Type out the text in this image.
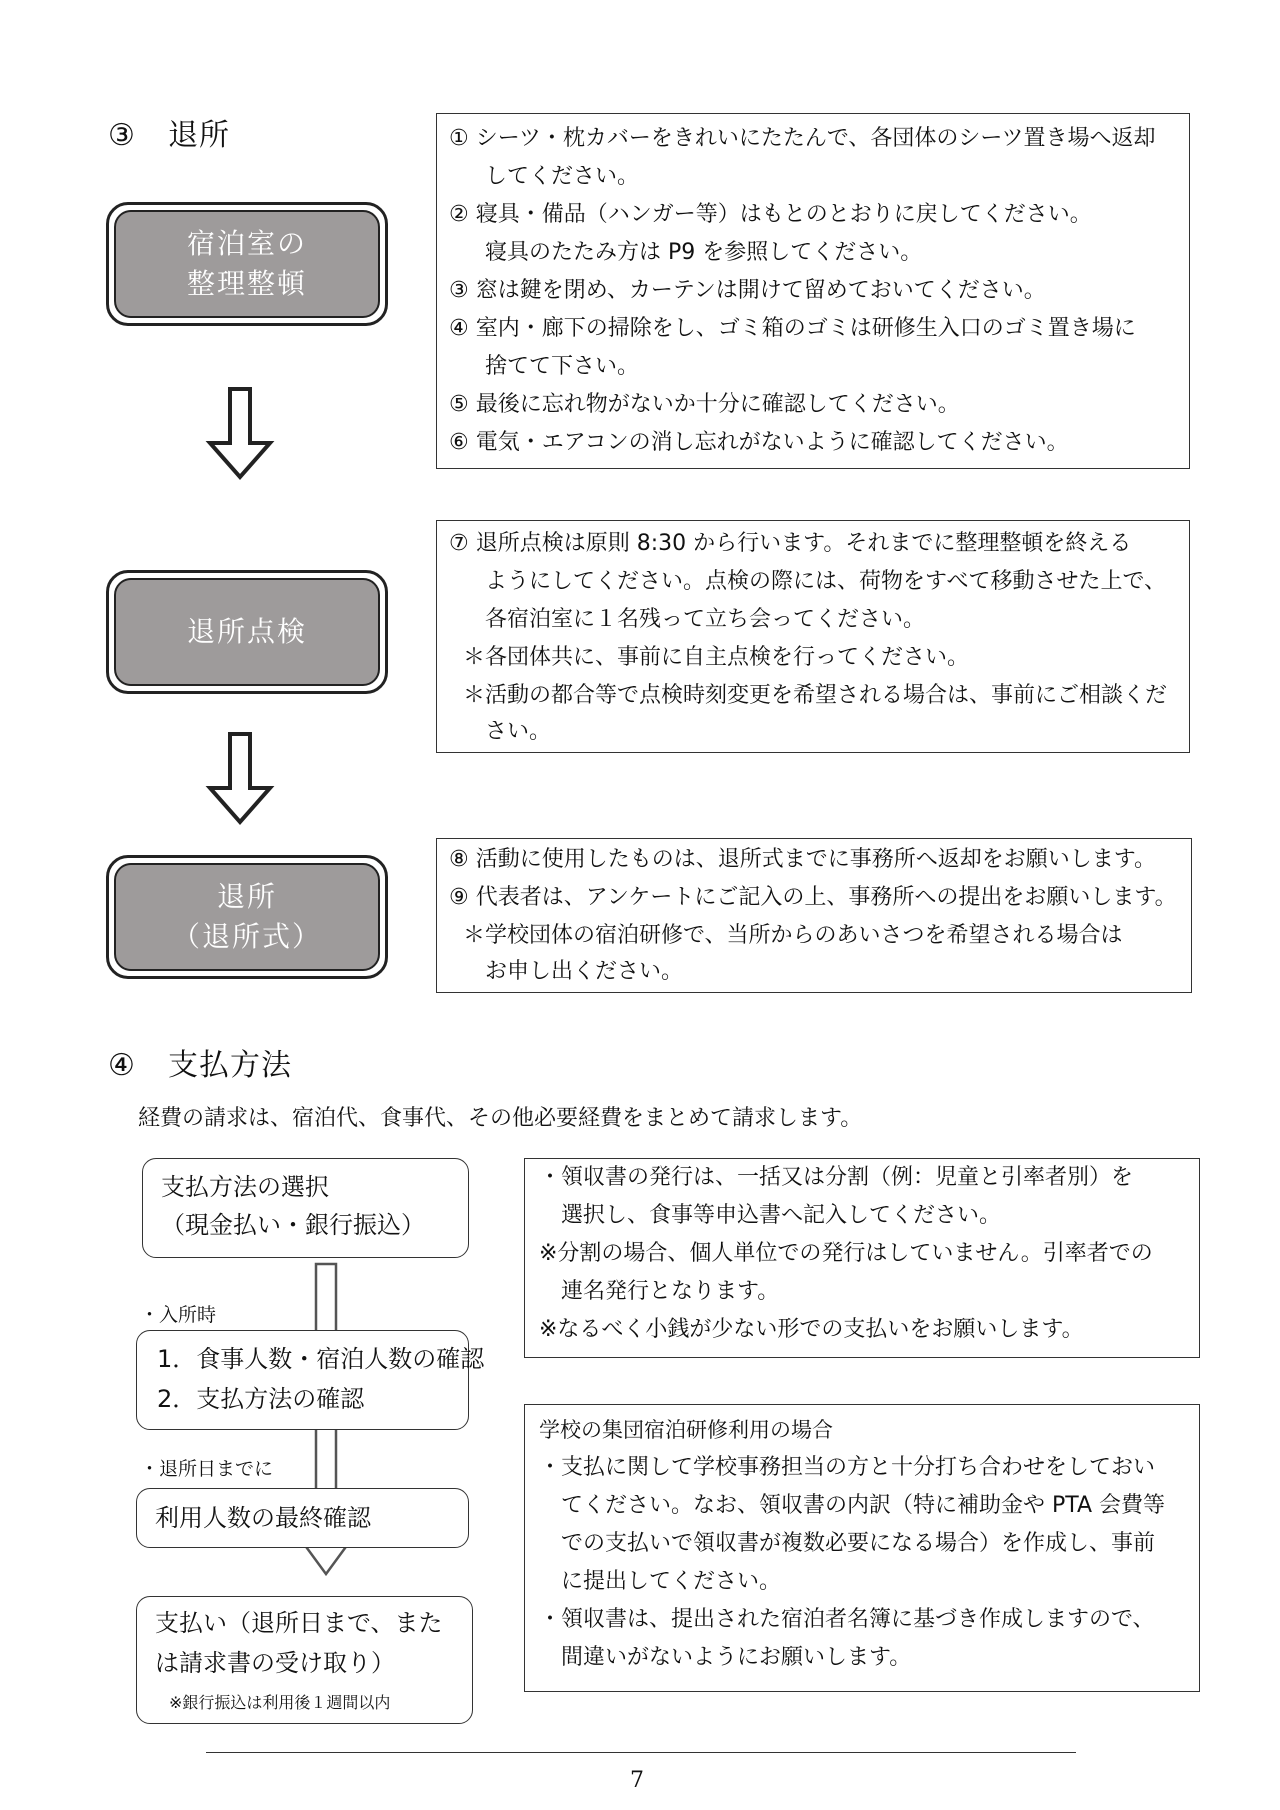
③ 退所
宿泊室の
整理整頓
退所点検
退所
（退所式）
① シーツ・枕カバーをきれいにたたんで、各団体のシーツ置き場へ返却
してください。
② 寝具・備品（ハンガー等）はもとのとおりに戻してください。
寝具のたたみ方は P9 を参照してください。
③ 窓は鍵を閉め、カーテンは開けて留めておいてください。
④ 室内・廊下の掃除をし、ゴミ箱のゴミは研修生入口のゴミ置き場に
捨てて下さい。
⑤ 最後に忘れ物がないか十分に確認してください。
⑥ 電気・エアコンの消し忘れがないように確認してください。
⑦ 退所点検は原則 8:30 から行います。それまでに整理整頓を終える
ようにしてください。点検の際には、荷物をすべて移動させた上で、
各宿泊室に１名残って立ち会ってください。
＊各団体共に、事前に自主点検を行ってください。
＊活動の都合等で点検時刻変更を希望される場合は、事前にご相談くだ
さい。
⑧ 活動に使用したものは、退所式までに事務所へ返却をお願いします。
⑨ 代表者は、アンケートにご記入の上、事務所への提出をお願いします。
＊学校団体の宿泊研修で、当所からのあいさつを希望される場合は
お申し出ください。
④ 支払方法
経費の請求は、宿泊代、食事代、その他必要経費をまとめて請求します。
支払方法の選択
（現金払い・銀行振込）
・入所時
1．食事人数・宿泊人数の確認
2．支払方法の確認
・退所日までに
利用人数の最終確認
支払い（退所日まで、また
は請求書の受け取り）
※銀行振込は利用後１週間以内
・領収書の発行は、一括又は分割（例：児童と引率者別）を
選択し、食事等申込書へ記入してください。
※分割の場合、個人単位での発行はしていません。引率者での
連名発行となります。
※なるべく小銭が少ない形での支払いをお願いします。
学校の集団宿泊研修利用の場合
・支払に関して学校事務担当の方と十分打ち合わせをしておい
てください。なお、領収書の内訳（特に補助金や PTA 会費等
での支払いで領収書が複数必要になる場合）を作成し、事前
に提出してください。
・領収書は、提出された宿泊者名簿に基づき作成しますので、
間違いがないようにお願いします。
7
